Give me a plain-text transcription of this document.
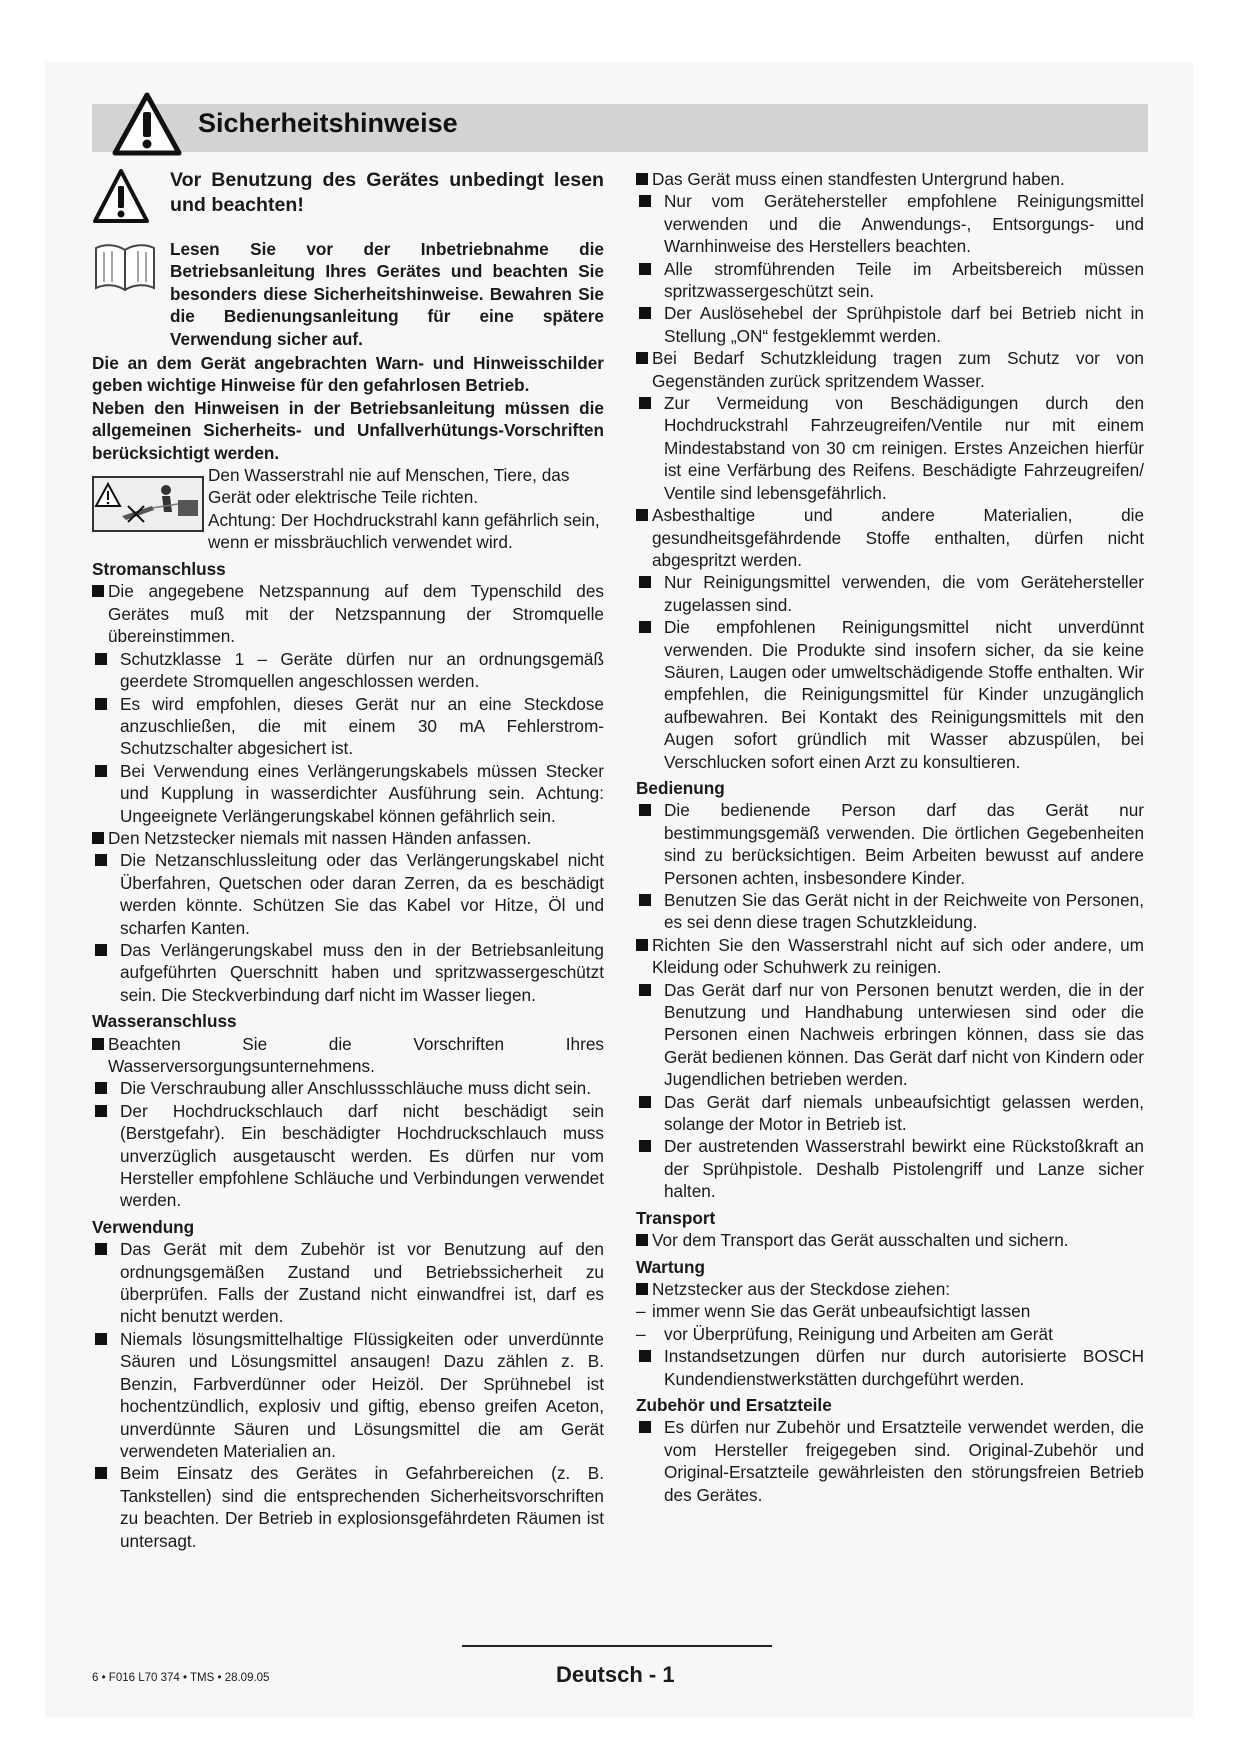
Sicherheitshinweise
Vor Benutzung des Gerätes unbedingt lesen und beachten!

Lesen Sie vor der Inbetriebnahme die Betriebsanleitung Ihres Gerätes und beachten Sie besonders diese Sicherheitshinweise. Bewahren Sie die Bedienungsanleitung für eine spätere Verwendung sicher auf.

Die an dem Gerät angebrachten Warn- und Hinweisschilder geben wichtige Hinweise für den gefahrlosen Betrieb.

Neben den Hinweisen in der Betriebsanleitung müssen die allgemeinen Sicherheits- und Unfallverhütungs-Vorschriften berücksichtigt werden.

Den Wasserstrahl nie auf Menschen, Tiere, das Gerät oder elektrische Teile richten.

Achtung: Der Hochdruckstrahl kann gefährlich sein, wenn er missbräuchlich verwendet wird.

Stromanschluss

Die angegebene Netzspannung auf dem Typenschild des Gerätes muß mit der Netzspannung der Stromquelle übereinstimmen.

Schutzklasse 1 – Geräte dürfen nur an ordnungsgemäß geerdete Stromquellen angeschlossen werden.

Es wird empfohlen, dieses Gerät nur an eine Steckdose anzuschließen, die mit einem 30 mA Fehlerstrom-Schutzschalter abgesichert ist.

Bei Verwendung eines Verlängerungskabels müssen Stecker und Kupplung in wasserdichter Ausführung sein. Achtung: Ungeeignete Verlängerungskabel können gefährlich sein.

Den Netzstecker niemals mit nassen Händen anfassen.

Die Netzanschlussleitung oder das Verlängerungskabel nicht Überfahren, Quetschen oder daran Zerren, da es beschädigt werden könnte. Schützen Sie das Kabel vor Hitze, Öl und scharfen Kanten.

Das Verlängerungskabel muss den in der Betriebsanleitung aufgeführten Querschnitt haben und spritzwassergeschützt sein. Die Steckverbindung darf nicht im Wasser liegen.

Wasseranschluss

Beachten Sie die Vorschriften Ihres Wasserversorgungsunternehmens.

Die Verschraubung aller Anschlussschläuche muss dicht sein.

Der Hochdruckschlauch darf nicht beschädigt sein (Berstgefahr). Ein beschädigter Hochdruckschlauch muss unverzüglich ausgetauscht werden. Es dürfen nur vom Hersteller empfohlene Schläuche und Verbindungen verwendet werden.

Verwendung

Das Gerät mit dem Zubehör ist vor Benutzung auf den ordnungsgemäßen Zustand und Betriebssicherheit zu überprüfen. Falls der Zustand nicht einwandfrei ist, darf es nicht benutzt werden.

Niemals lösungsmittelhaltige Flüssigkeiten oder unverdünnte Säuren und Lösungsmittel ansaugen! Dazu zählen z. B. Benzin, Farbverdünner oder Heizöl. Der Sprühnebel ist hochentzündlich, explosiv und giftig, ebenso greifen Aceton, unverdünnte Säuren und Lösungsmittel die am Gerät verwendeten Materialien an.

Beim Einsatz des Gerätes in Gefahrbereichen (z. B. Tankstellen) sind die entsprechenden Sicherheitsvorschriften zu beachten. Der Betrieb in explosionsgefährdeten Räumen ist untersagt.

Das Gerät muss einen standfesten Untergrund haben.

Nur vom Gerätehersteller empfohlene Reinigungsmittel verwenden und die Anwendungs-, Entsorgungs- und Warnhinweise des Herstellers beachten.

Alle stromführenden Teile im Arbeitsbereich müssen spritzwassergeschützt sein.

Der Auslösehebel der Sprühpistole darf bei Betrieb nicht in Stellung „ON“ festgeklemmt werden.

Bei Bedarf Schutzkleidung tragen zum Schutz vor von Gegenständen zurück spritzendem Wasser.

Zur Vermeidung von Beschädigungen durch den Hochdruckstrahl Fahrzeugreifen/Ventile nur mit einem Mindestabstand von 30 cm reinigen. Erstes Anzeichen hierfür ist eine Verfärbung des Reifens. Beschädigte Fahrzeugreifen/ Ventile sind lebensgefährlich.

Asbesthaltige und andere Materialien, die gesundheitsgefährdende Stoffe enthalten, dürfen nicht abgespritzt werden.

Nur Reinigungsmittel verwenden, die vom Gerätehersteller zugelassen sind.

Die empfohlenen Reinigungsmittel nicht unverdünnt verwenden. Die Produkte sind insofern sicher, da sie keine Säuren, Laugen oder umweltschädigende Stoffe enthalten. Wir empfehlen, die Reinigungsmittel für Kinder unzugänglich aufbewahren. Bei Kontakt des Reinigungsmittels mit den Augen sofort gründlich mit Wasser abzuspülen, bei Verschlucken sofort einen Arzt zu konsultieren.

Bedienung

Die bedienende Person darf das Gerät nur bestimmungsgemäß verwenden. Die örtlichen Gegebenheiten sind zu berücksichtigen. Beim Arbeiten bewusst auf andere Personen achten, insbesondere Kinder.

Benutzen Sie das Gerät nicht in der Reichweite von Personen, es sei denn diese tragen Schutzkleidung.

Richten Sie den Wasserstrahl nicht auf sich oder andere, um Kleidung oder Schuhwerk zu reinigen.

Das Gerät darf nur von Personen benutzt werden, die in der Benutzung und Handhabung unterwiesen sind oder die Personen einen Nachweis erbringen können, dass sie das Gerät bedienen können. Das Gerät darf nicht von Kindern oder Jugendlichen betrieben werden.

Das Gerät darf niemals unbeaufsichtigt gelassen werden, solange der Motor in Betrieb ist.

Der austretenden Wasserstrahl bewirkt eine Rückstoßkraft an der Sprühpistole. Deshalb Pistolengriff und Lanze sicher halten.

Transport

Vor dem Transport das Gerät ausschalten und sichern.

Wartung

Netzstecker aus der Steckdose ziehen:

– immer wenn Sie das Gerät unbeaufsichtigt lassen

– vor Überprüfung, Reinigung und Arbeiten am Gerät

Instandsetzungen dürfen nur durch autorisierte BOSCH Kundendienstwerkstätten durchgeführt werden.

Zubehör und Ersatzteile

Es dürfen nur Zubehör und Ersatzteile verwendet werden, die vom Hersteller freigegeben sind. Original-Zubehör und Original-Ersatzteile gewährleisten den störungsfreien Betrieb des Gerätes.

6 • F016 L70 374 • TMS • 28.09.05	Deutsch - 1
